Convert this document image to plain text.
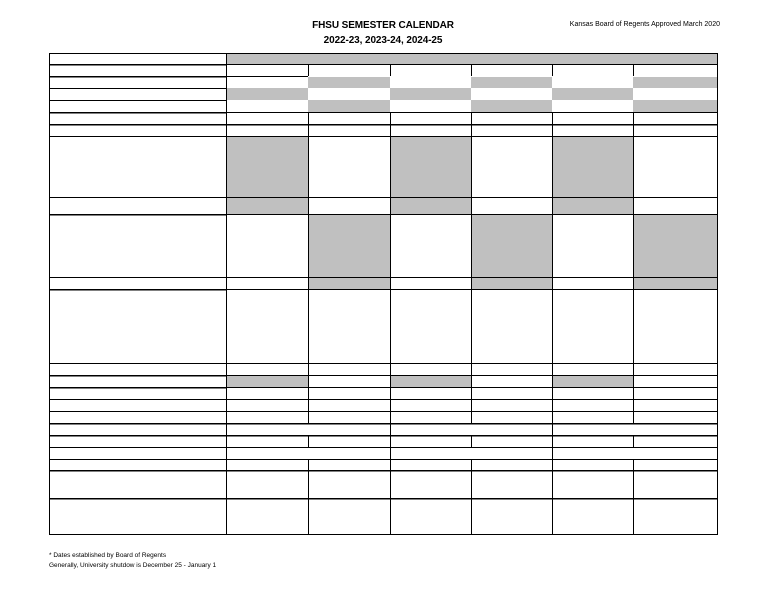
FHSU SEMESTER CALENDAR
2022-23, 2023-24, 2024-25
Kansas Board of Regents Approved March 2020
* Dates established by Board of Regents
Generally, University shutdow is December 25 - January 1
